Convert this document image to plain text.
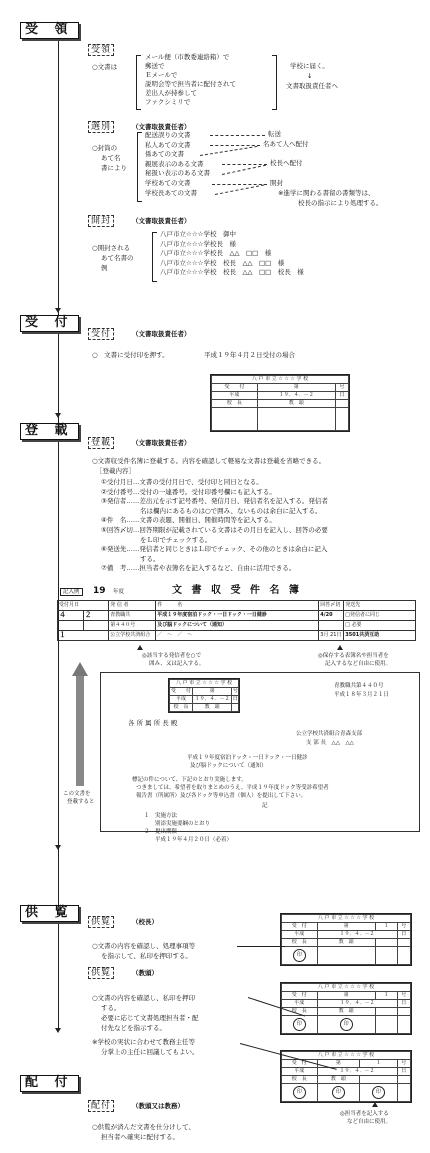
受 領
受領
○文書は
メール便（市教委連絡箱）で
郵送で
Ｅメールで
説明会等で担当者に配付されて
差出人が持参して
ファクシミリで
学校に届く。
↓
文書取扱責任者へ
選別	（文書取扱責任者）
○封筒の
あて名
書により
配送誤りの文書
私人あての文書
係あての文書
親展表示のある文書
秘扱い表示のある文書
学校あての文書
学校長あての文書
転送
名あて人へ配付
校長へ配付
開封
※進学に関わる書留の書類等は、
校長の指示により処理する。
開封	（文書取扱責任者）
○開封される
あて名書の
例
八戸市立☆☆☆学校　御中
八戸市立☆☆☆学校長　様
八戸市立☆☆☆学校長　△△　□□　様
八戸市立☆☆☆学校　校長　△△　□□　様
八戸市立☆☆☆学校　校長　△△　□□　校長　様
受 付
受付	（文書取扱責任者）
○　文書に受付印を押す。	平成１９年４月２日受付の場合
八 戸 市 立 ☆ ☆ ☆ 学 校		
受　　付	第	号
平成	１９．４．－２	日
校　長	教　頭	

登 載
登載	（文書取扱責任者）
○文書収受件名簿に登載する。内容を確認して軽易な文書は登載を省略できる。
［登載内容］
①受付月日…文書の受付月日で、受付印と同日となる。
②受付番号…受付の一連番号。受付印番号欄にも記入する。
③発信者……差出元を示す記号番号、発信月日、発信者名を記入する。発信者
　　　　　　名は欄内にあるものは○で囲み、ないものは余白に記入する。
④件　名……文書の表題、開催日、開催時間等を記入する。
⑤回答〆切…回答期限が記載されている文書はその月日を記入し、回答の必要
　　　　　　をＬ印でチェックする。
⑥発送先……発信者と同じときはＬ印でチェック、その他のときは余白に記入
　　　　　　する。
⑦備　考……担当者や表簿名を記入するなど、自由に活用できる。
記入例	19 年度	文 書 収 受 件 名 簿
受付月日		発 信 者	件　　　名	回答〆切	発送先
４	２	青教職共	平成１９年度宿泊ドック・一日ドック・一日健診	4/20	□発信者に同じ
		第４４０号	及び脳ドックについて（通知）		□ 必要
１		公立学校共済組合	／　～　／　～	3月 21日	3501共済互助
◎該当する発信者を○で
囲み、又は記入する。
◎保存する表簿名や担当者を
記入するなど自由に使用。
この文書を
登載すると
八 戸 市 立 ☆ ☆ ☆ 学 校		
受　　付	第	号
平成	１９．４．－２	日
校　長	教　頭	
青教職共第４４０号
平成１８年３月２１日
各 所 属 所 長 殿
公立学校共済組合青森支部
支 部 長　△△　△△
平成１９年度宿泊ドック・一日ドック・一日健診
及び脳ドックについて（通知）
標記の件について、下記のとおり実施します。
つきましては、希望者を取りまとめのうえ、平成１９年度ドック等受診希望者
報告書（所属所）及び各ドック等申込書（個人）を提出して下さい。
記
１　実施方法
　　別添実施要綱のとおり
２　提出期限
　　平成１９年４月２０日（必着）
供 覧
供覧	（校長）
○文書の内容を確認し、処理事項等
を指示して、私印を押印する。
供覧	（教頭）
○文書の内容を確認し、私印を押印
する。
必要に応じて文書処理担当者・配
付先などを指示する。
※学校の実状に合わせて教務主任等
分掌上の主任に回議してもよい。
八 戸 市 立 ☆ ☆ ☆ 学 校			
受　付	第	１	号
平成	１９．４．－２		日
校　長	教　頭		
印			
八 戸 市 立 ☆ ☆ ☆ 学 校			
受　付	第	１	号
平成	１９．４．－２		日
校　長	教　頭		
印	印		
八 戸 市 立 ☆ ☆ ☆ 学 校			
受　付	第	１	号
平成	１９．４．－２		日
校　長	教　頭		
印	印	印	
◎担当者を記入する
など自由に使用。
配 付
配付	（教頭又は教務）
○供覧が済んだ文書を仕分けして、
担当者へ確実に配付する。
